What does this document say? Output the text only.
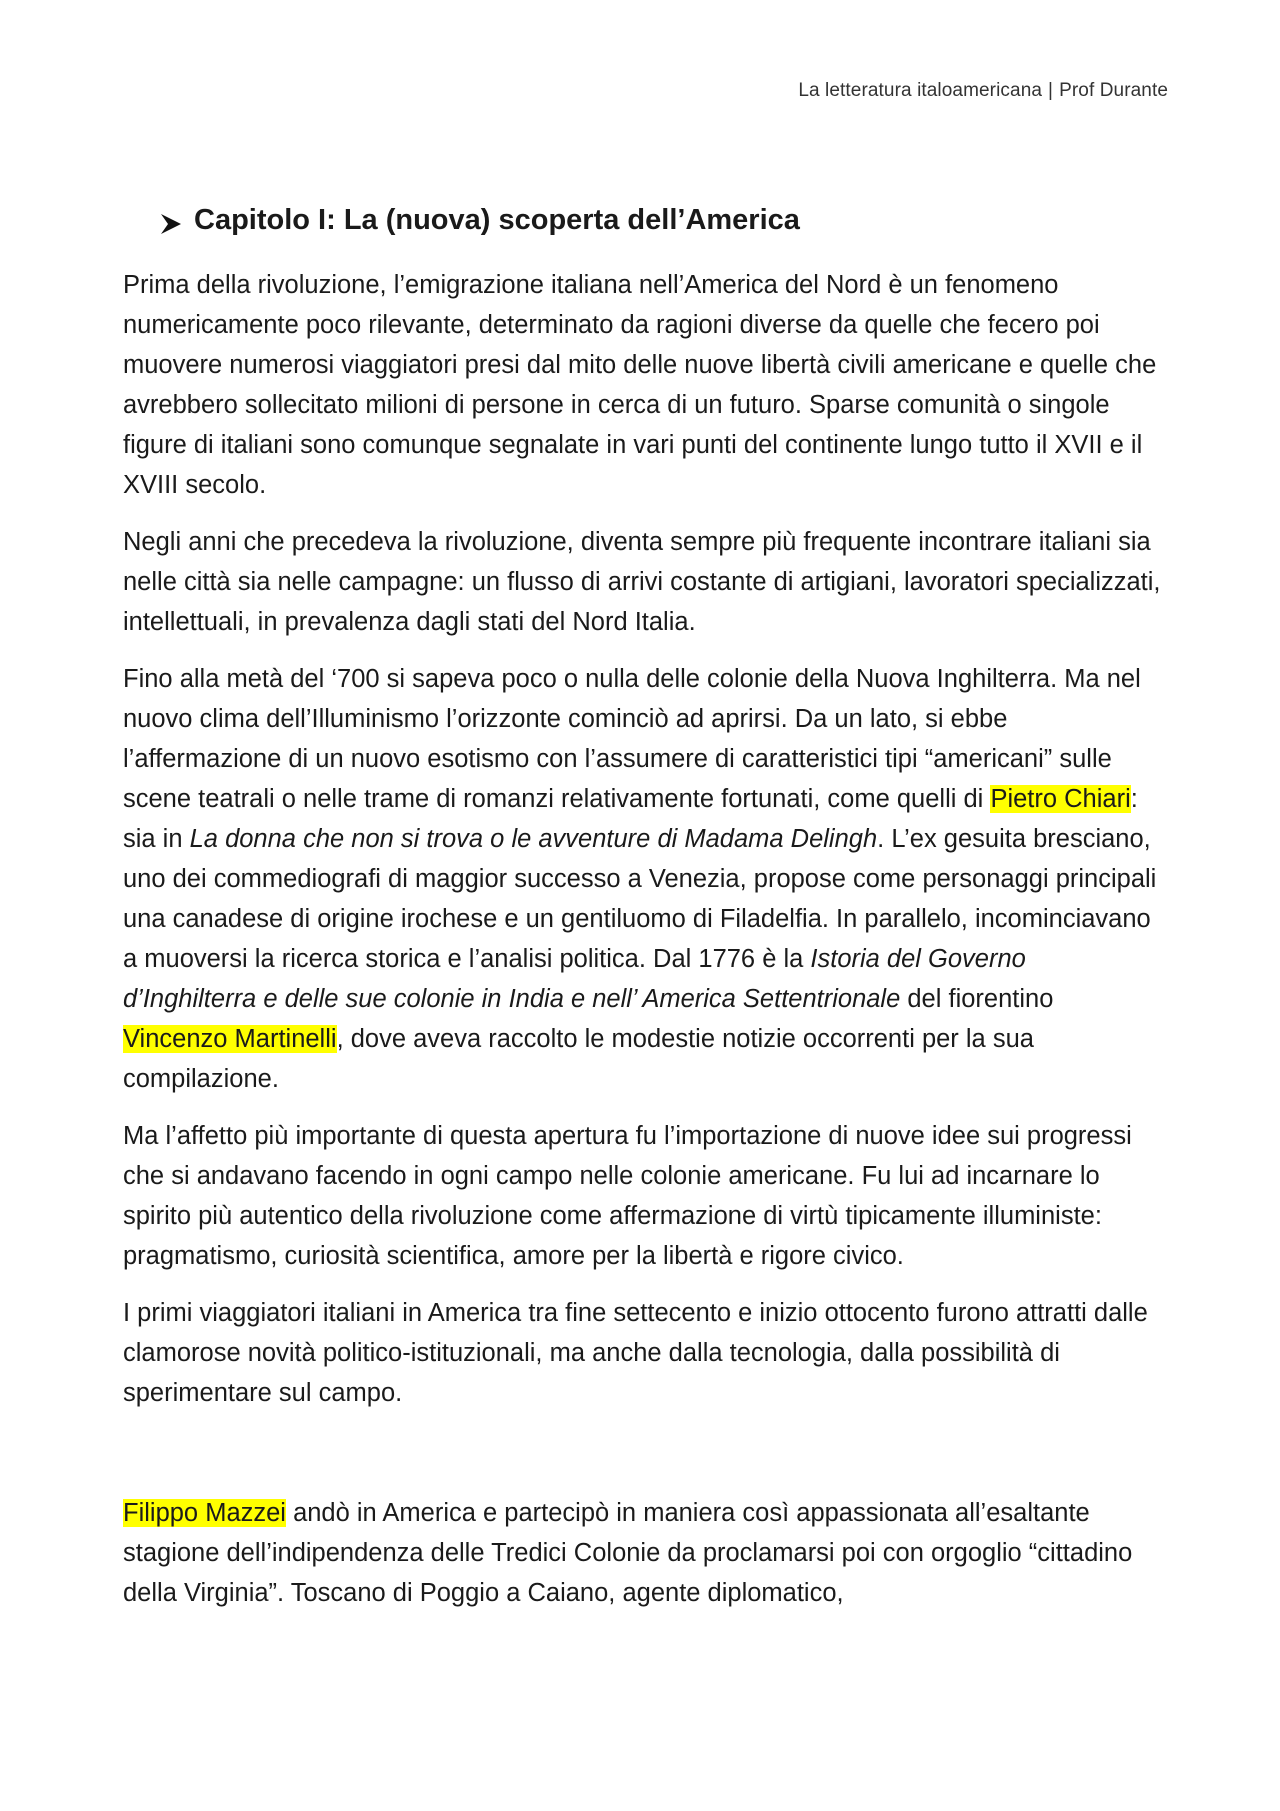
La letteratura italoamericana | Prof Durante
Capitolo I: La (nuova) scoperta dell’America

Prima della rivoluzione, l’emigrazione italiana nell’America del Nord è un fenomeno numericamente poco rilevante, determinato da ragioni diverse da quelle che fecero poi muovere numerosi viaggiatori presi dal mito delle nuove libertà civili americane e quelle che avrebbero sollecitato milioni di persone in cerca di un futuro. Sparse comunità o singole figure di italiani sono comunque segnalate in vari punti del continente lungo tutto il XVII e il XVIII secolo.

Negli anni che precedeva la rivoluzione, diventa sempre più frequente incontrare italiani sia nelle città sia nelle campagne: un flusso di arrivi costante di artigiani, lavoratori specializzati, intellettuali, in prevalenza dagli stati del Nord Italia.

Fino alla metà del ‘700 si sapeva poco o nulla delle colonie della Nuova Inghilterra. Ma nel nuovo clima dell’Illuminismo l’orizzonte cominciò ad aprirsi. Da un lato, si ebbe l’affermazione di un nuovo esotismo con l’assumere di caratteristici tipi “americani” sulle scene teatrali o nelle trame di romanzi relativamente fortunati, come quelli di Pietro Chiari: sia in La donna che non si trova o le avventure di Madama Delingh. L’ex gesuita bresciano, uno dei commediografi di maggior successo a Venezia, propose come personaggi principali una canadese di origine irochese e un gentiluomo di Filadelfia. In parallelo, incominciavano a muoversi la ricerca storica e l’analisi politica. Dal 1776 è la Istoria del Governo d’Inghilterra e delle sue colonie in India e nell’ America Settentrionale del fiorentino Vincenzo Martinelli, dove aveva raccolto le modestie notizie occorrenti per la sua compilazione.

Ma l’affetto più importante di questa apertura fu l’importazione di nuove idee sui progressi che si andavano facendo in ogni campo nelle colonie americane. Fu lui ad incarnare lo spirito più autentico della rivoluzione come affermazione di virtù tipicamente illuministe: pragmatismo, curiosità scientifica, amore per la libertà e rigore civico.

I primi viaggiatori italiani in America tra fine settecento e inizio ottocento furono attratti dalle clamorose novità politico-istituzionali, ma anche dalla tecnologia, dalla possibilità di sperimentare sul campo.

Filippo Mazzei andò in America e partecipò in maniera così appassionata all’esaltante stagione dell’indipendenza delle Tredici Colonie da proclamarsi poi con orgoglio “cittadino della Virginia”. Toscano di Poggio a Caiano, agente diplomatico,
